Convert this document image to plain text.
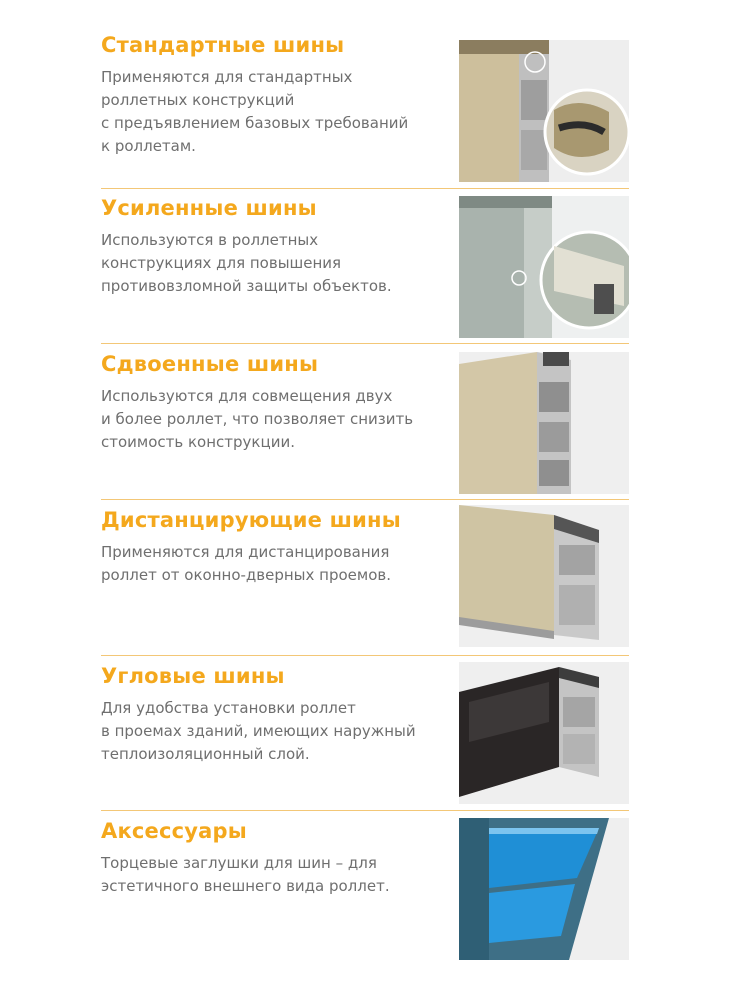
Стандартные шины

Применяются для стандартных
роллетных конструкций
с предъявлением базовых требований
к роллетам.

Усиленные шины

Используются в роллетных
конструкциях для повышения
противовзломной защиты объектов.

Сдвоенные шины

Используются для совмещения двух
и более роллет, что позволяет снизить
стоимость конструкции.

Дистанцирующие шины

Применяются для дистанцирования
роллет от оконно-дверных проемов.

Угловые шины

Для удобства установки роллет
в проемах зданий, имеющих наружный
теплоизоляционный слой.

Аксессуары

Торцевые заглушки для шин – для
эстетичного внешнего вида роллет.
